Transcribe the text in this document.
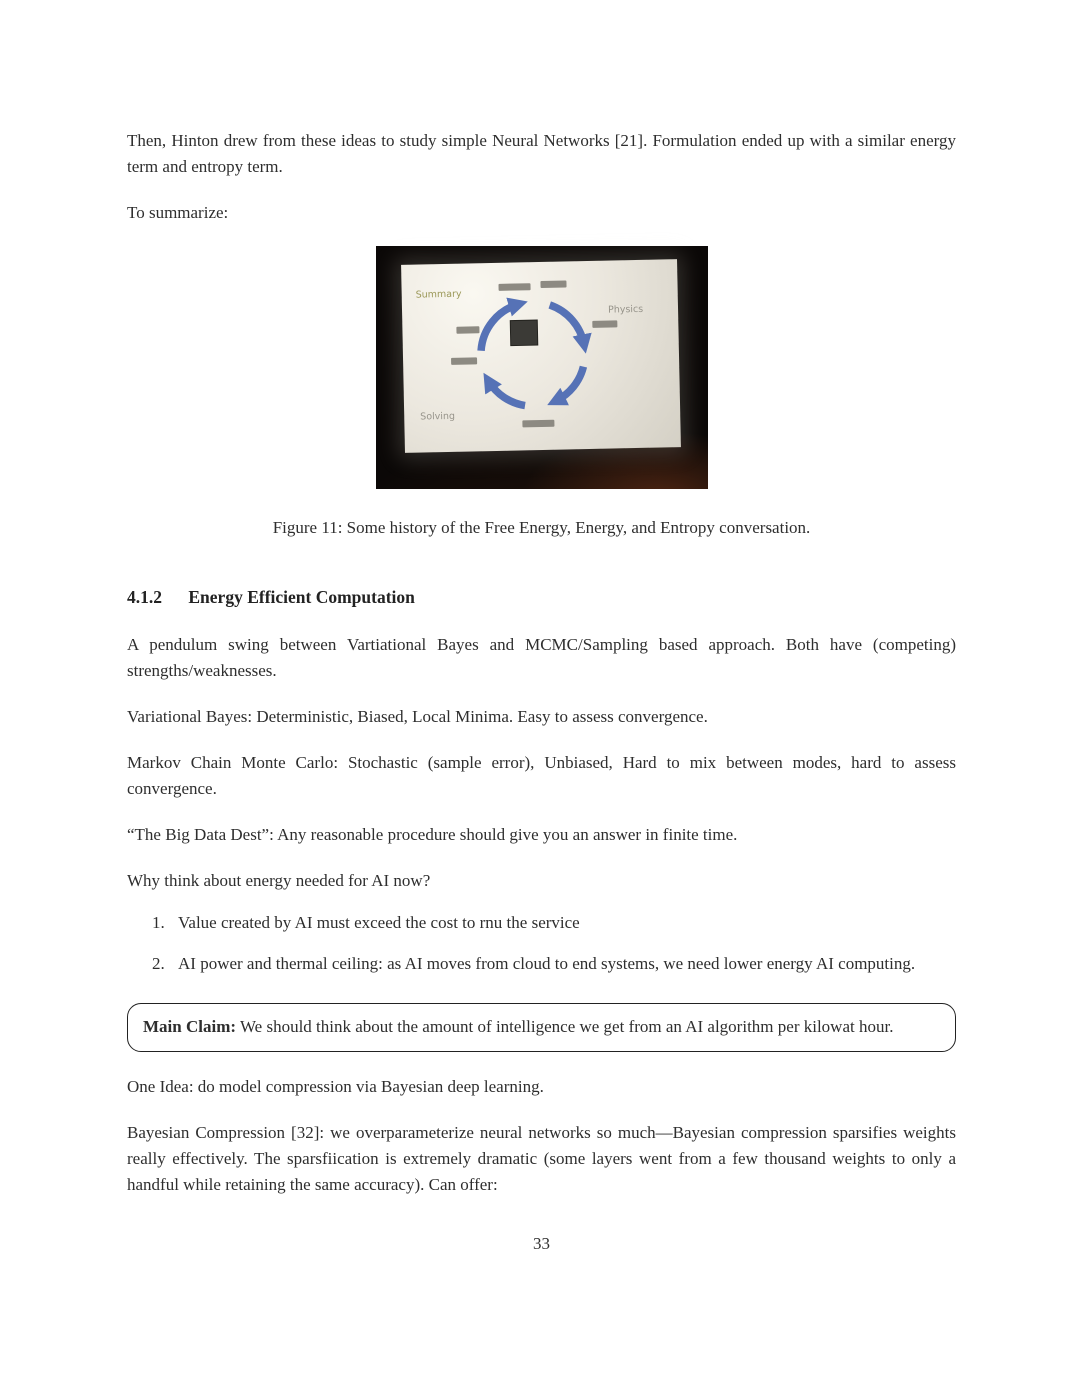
Then, Hinton drew from these ideas to study simple Neural Networks [21]. Formulation ended up with a similar energy term and entropy term.

To summarize:

Summary
Physics
Solving
Figure 11: Some history of the Free Energy, Energy, and Entropy conversation.
4.1.2 Energy Efficient Computation

A pendulum swing between Vartiational Bayes and MCMC/Sampling based approach. Both have (competing) strengths/weaknesses.

Variational Bayes: Deterministic, Biased, Local Minima. Easy to assess convergence.

Markov Chain Monte Carlo: Stochastic (sample error), Unbiased, Hard to mix between modes, hard to assess convergence.

“The Big Data Dest”: Any reasonable procedure should give you an answer in finite time.

Why think about energy needed for AI now?

1. Value created by AI must exceed the cost to rnu the service
2. AI power and thermal ceiling: as AI moves from cloud to end systems, we need lower energy AI computing.
Main Claim: We should think about the amount of intelligence we get from an AI algorithm per kilowat hour.

One Idea: do model compression via Bayesian deep learning.

Bayesian Compression [32]: we overparameterize neural networks so much—Bayesian compression sparsifies weights really effectively. The sparsfiication is extremely dramatic (some layers went from a few thousand weights to only a handful while retaining the same accuracy). Can offer:

33
